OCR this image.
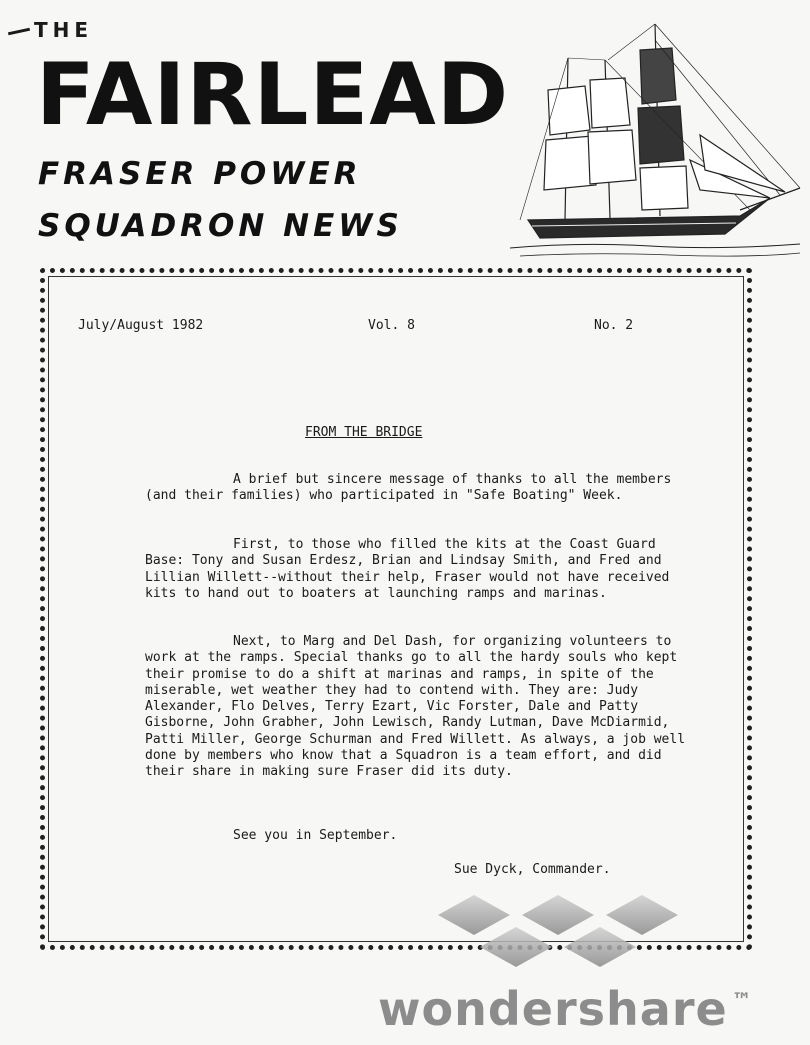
THE
FAIRLEAD
FRASER POWER
SQUADRON NEWS
July/August 1982	Vol. 8	No. 2
FROM THE BRIDGE

A brief but sincere message of thanks to all the members (and their families) who participated in "Safe Boating" Week.

First, to those who filled the kits at the Coast Guard Base: Tony and Susan Erdesz, Brian and Lindsay Smith, and Fred and Lillian Willett--without their help, Fraser would not have received kits to hand out to boaters at launching ramps and marinas.

Next, to Marg and Del Dash, for organizing volunteers to work at the ramps. Special thanks go to all the hardy souls who kept their promise to do a shift at marinas and ramps, in spite of the miserable, wet weather they had to contend with. They are: Judy Alexander, Flo Delves, Terry Ezart, Vic Forster, Dale and Patty Gisborne, John Grabher, John Lewisch, Randy Lutman, Dave McDiarmid, Patti Miller, George Schurman and Fred Willett. As always, a job well done by members who know that a Squadron is a team effort, and did their share in making sure Fraser did its duty.

See you in September.
Sue Dyck, Commander.
wondershare ™
